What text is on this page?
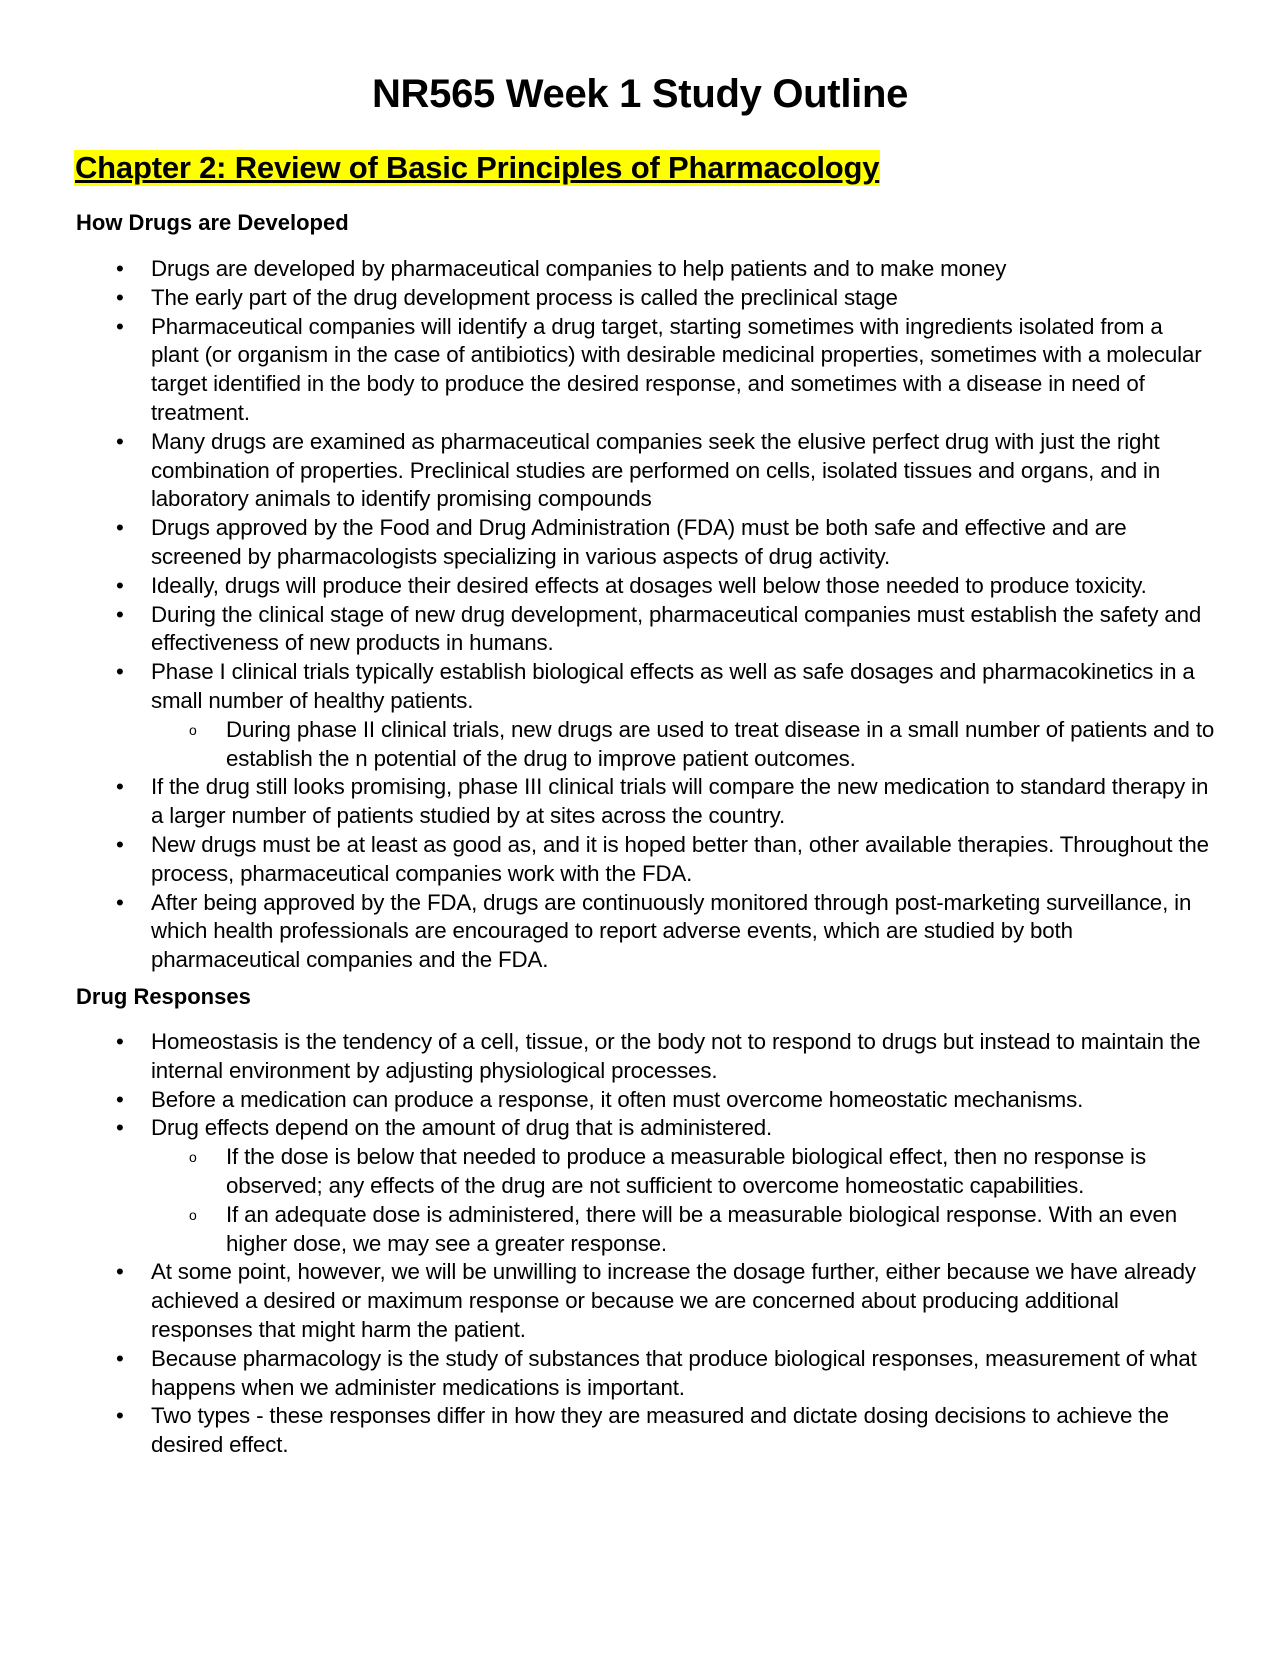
NR565 Week 1 Study Outline
Chapter 2: Review of Basic Principles of Pharmacology
How Drugs are Developed
• Drugs are developed by pharmaceutical companies to help patients and to make money
• The early part of the drug development process is called the preclinical stage
• Pharmaceutical companies will identify a drug target, starting sometimes with ingredients isolated from a plant (or organism in the case of antibiotics) with desirable medicinal properties, sometimes with a molecular target identified in the body to produce the desired response, and sometimes with a disease in need of treatment.
• Many drugs are examined as pharmaceutical companies seek the elusive perfect drug with just the right combination of properties. Preclinical studies are performed on cells, isolated tissues and organs, and in laboratory animals to identify promising compounds
• Drugs approved by the Food and Drug Administration (FDA) must be both safe and effective and are screened by pharmacologists specializing in various aspects of drug activity.
• Ideally, drugs will produce their desired effects at dosages well below those needed to produce toxicity.
• During the clinical stage of new drug development, pharmaceutical companies must establish the safety and effectiveness of new products in humans.
• Phase I clinical trials typically establish biological effects as well as safe dosages and pharmacokinetics in a small number of healthy patients.
o During phase II clinical trials, new drugs are used to treat disease in a small number of patients and to establish the n potential of the drug to improve patient outcomes.
• If the drug still looks promising, phase III clinical trials will compare the new medication to standard therapy in a larger number of patients studied by at sites across the country.
• New drugs must be at least as good as, and it is hoped better than, other available therapies. Throughout the process, pharmaceutical companies work with the FDA.
• After being approved by the FDA, drugs are continuously monitored through post-marketing surveillance, in which health professionals are encouraged to report adverse events, which are studied by both pharmaceutical companies and the FDA.
Drug Responses
• Homeostasis is the tendency of a cell, tissue, or the body not to respond to drugs but instead to maintain the internal environment by adjusting physiological processes.
• Before a medication can produce a response, it often must overcome homeostatic mechanisms.
• Drug effects depend on the amount of drug that is administered.
o If the dose is below that needed to produce a measurable biological effect, then no response is observed; any effects of the drug are not sufficient to overcome homeostatic capabilities.
o If an adequate dose is administered, there will be a measurable biological response. With an even higher dose, we may see a greater response.
• At some point, however, we will be unwilling to increase the dosage further, either because we have already achieved a desired or maximum response or because we are concerned about producing additional responses that might harm the patient.
• Because pharmacology is the study of substances that produce biological responses, measurement of what happens when we administer medications is important.
• Two types - these responses differ in how they are measured and dictate dosing decisions to achieve the desired effect.
